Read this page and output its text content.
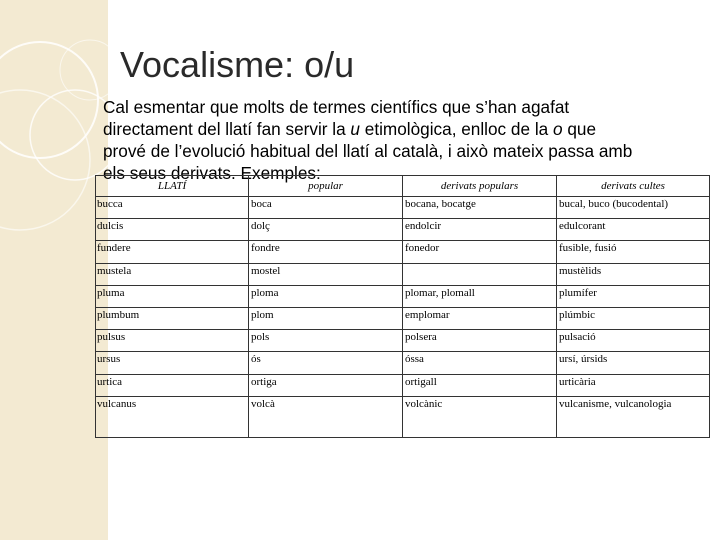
Vocalisme: o/u

Cal esmentar que molts de termes científics que s’han agafat

directament del llatí fan servir la u etimològica, enlloc de la o que

prové de l’evolució habitual del llatí al català, i això mateix passa amb

els seus derivats. Exemples:

LLATÍ	popular	derivats populars	derivats cultes
bucca	boca	bocana, bocatge	bucal, buco (bucodental)
dulcis	dolç	endolcir	edulcorant
fundere	fondre	fonedor	fusible, fusió
mustela	mostel		mustèlids
pluma	ploma	plomar, plomall	plumífer
plumbum	plom	emplomar	plúmbic
pulsus	pols	polsera	pulsació
ursus	ós	óssa	ursí, úrsids
urtica	ortiga	ortigall	urticària
vulcanus	volcà	volcànic	vulcanisme, vulcanologia
